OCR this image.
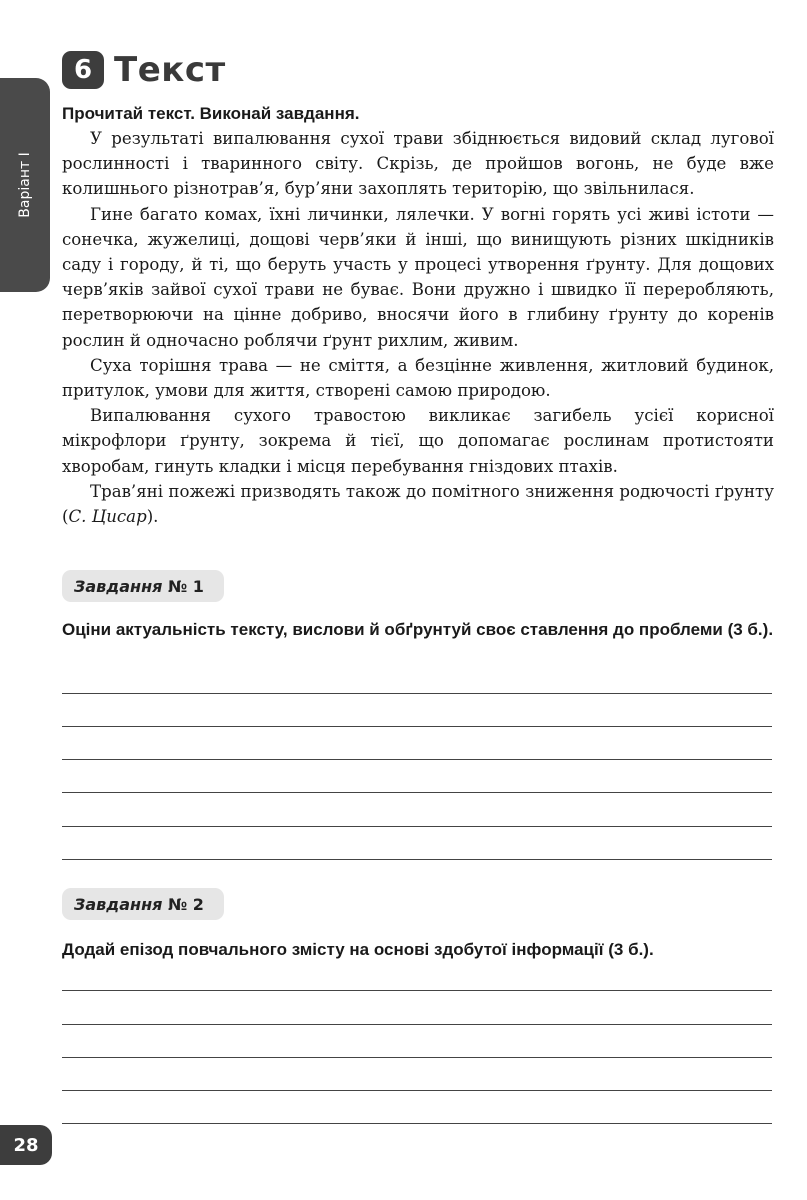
Варіант I
6 Текст
Прочитай текст. Виконай завдання.

У результаті випалювання сухої трави збіднюється видовий склад лугової рослинності і тваринного світу. Скрізь, де пройшов вогонь, не буде вже колишнього різнотрав’я, бур’яни захоплять територію, що звільнилася.

Гине багато комах, їхні личинки, лялечки. У вогні горять усі живі істоти — сонечка, жужелиці, дощові черв’яки й інші, що винищують різних шкідників саду і городу, й ті, що беруть участь у процесі утворення ґрунту. Для дощових черв’яків зайвої сухої трави не буває. Вони дружно і швидко її переробляють, перетворюючи на цінне добриво, вносячи його в глибину ґрунту до коренів рослин й одночасно роблячи ґрунт рихлим, живим.

Суха торішня трава — не сміття, а безцінне живлення, житловий будинок, притулок, умови для життя, створені самою природою.

Випалювання сухого травостою викликає загибель усієї корисної мікрофлори ґрунту, зокрема й тієї, що допомагає рослинам протистояти хворобам, гинуть кладки і місця перебування гніздових птахів.

Трав’яні пожежі призводять також до помітного зниження родючості ґрунту (С. Цисар).

Завдання
№ 1
Оціни актуальність тексту, вислови й обґрунтуй своє ставлення до проблеми (3 б.).
Завдання
№ 2
Додай епізод повчального змісту на основі здобутої інформації (3 б.).
28
